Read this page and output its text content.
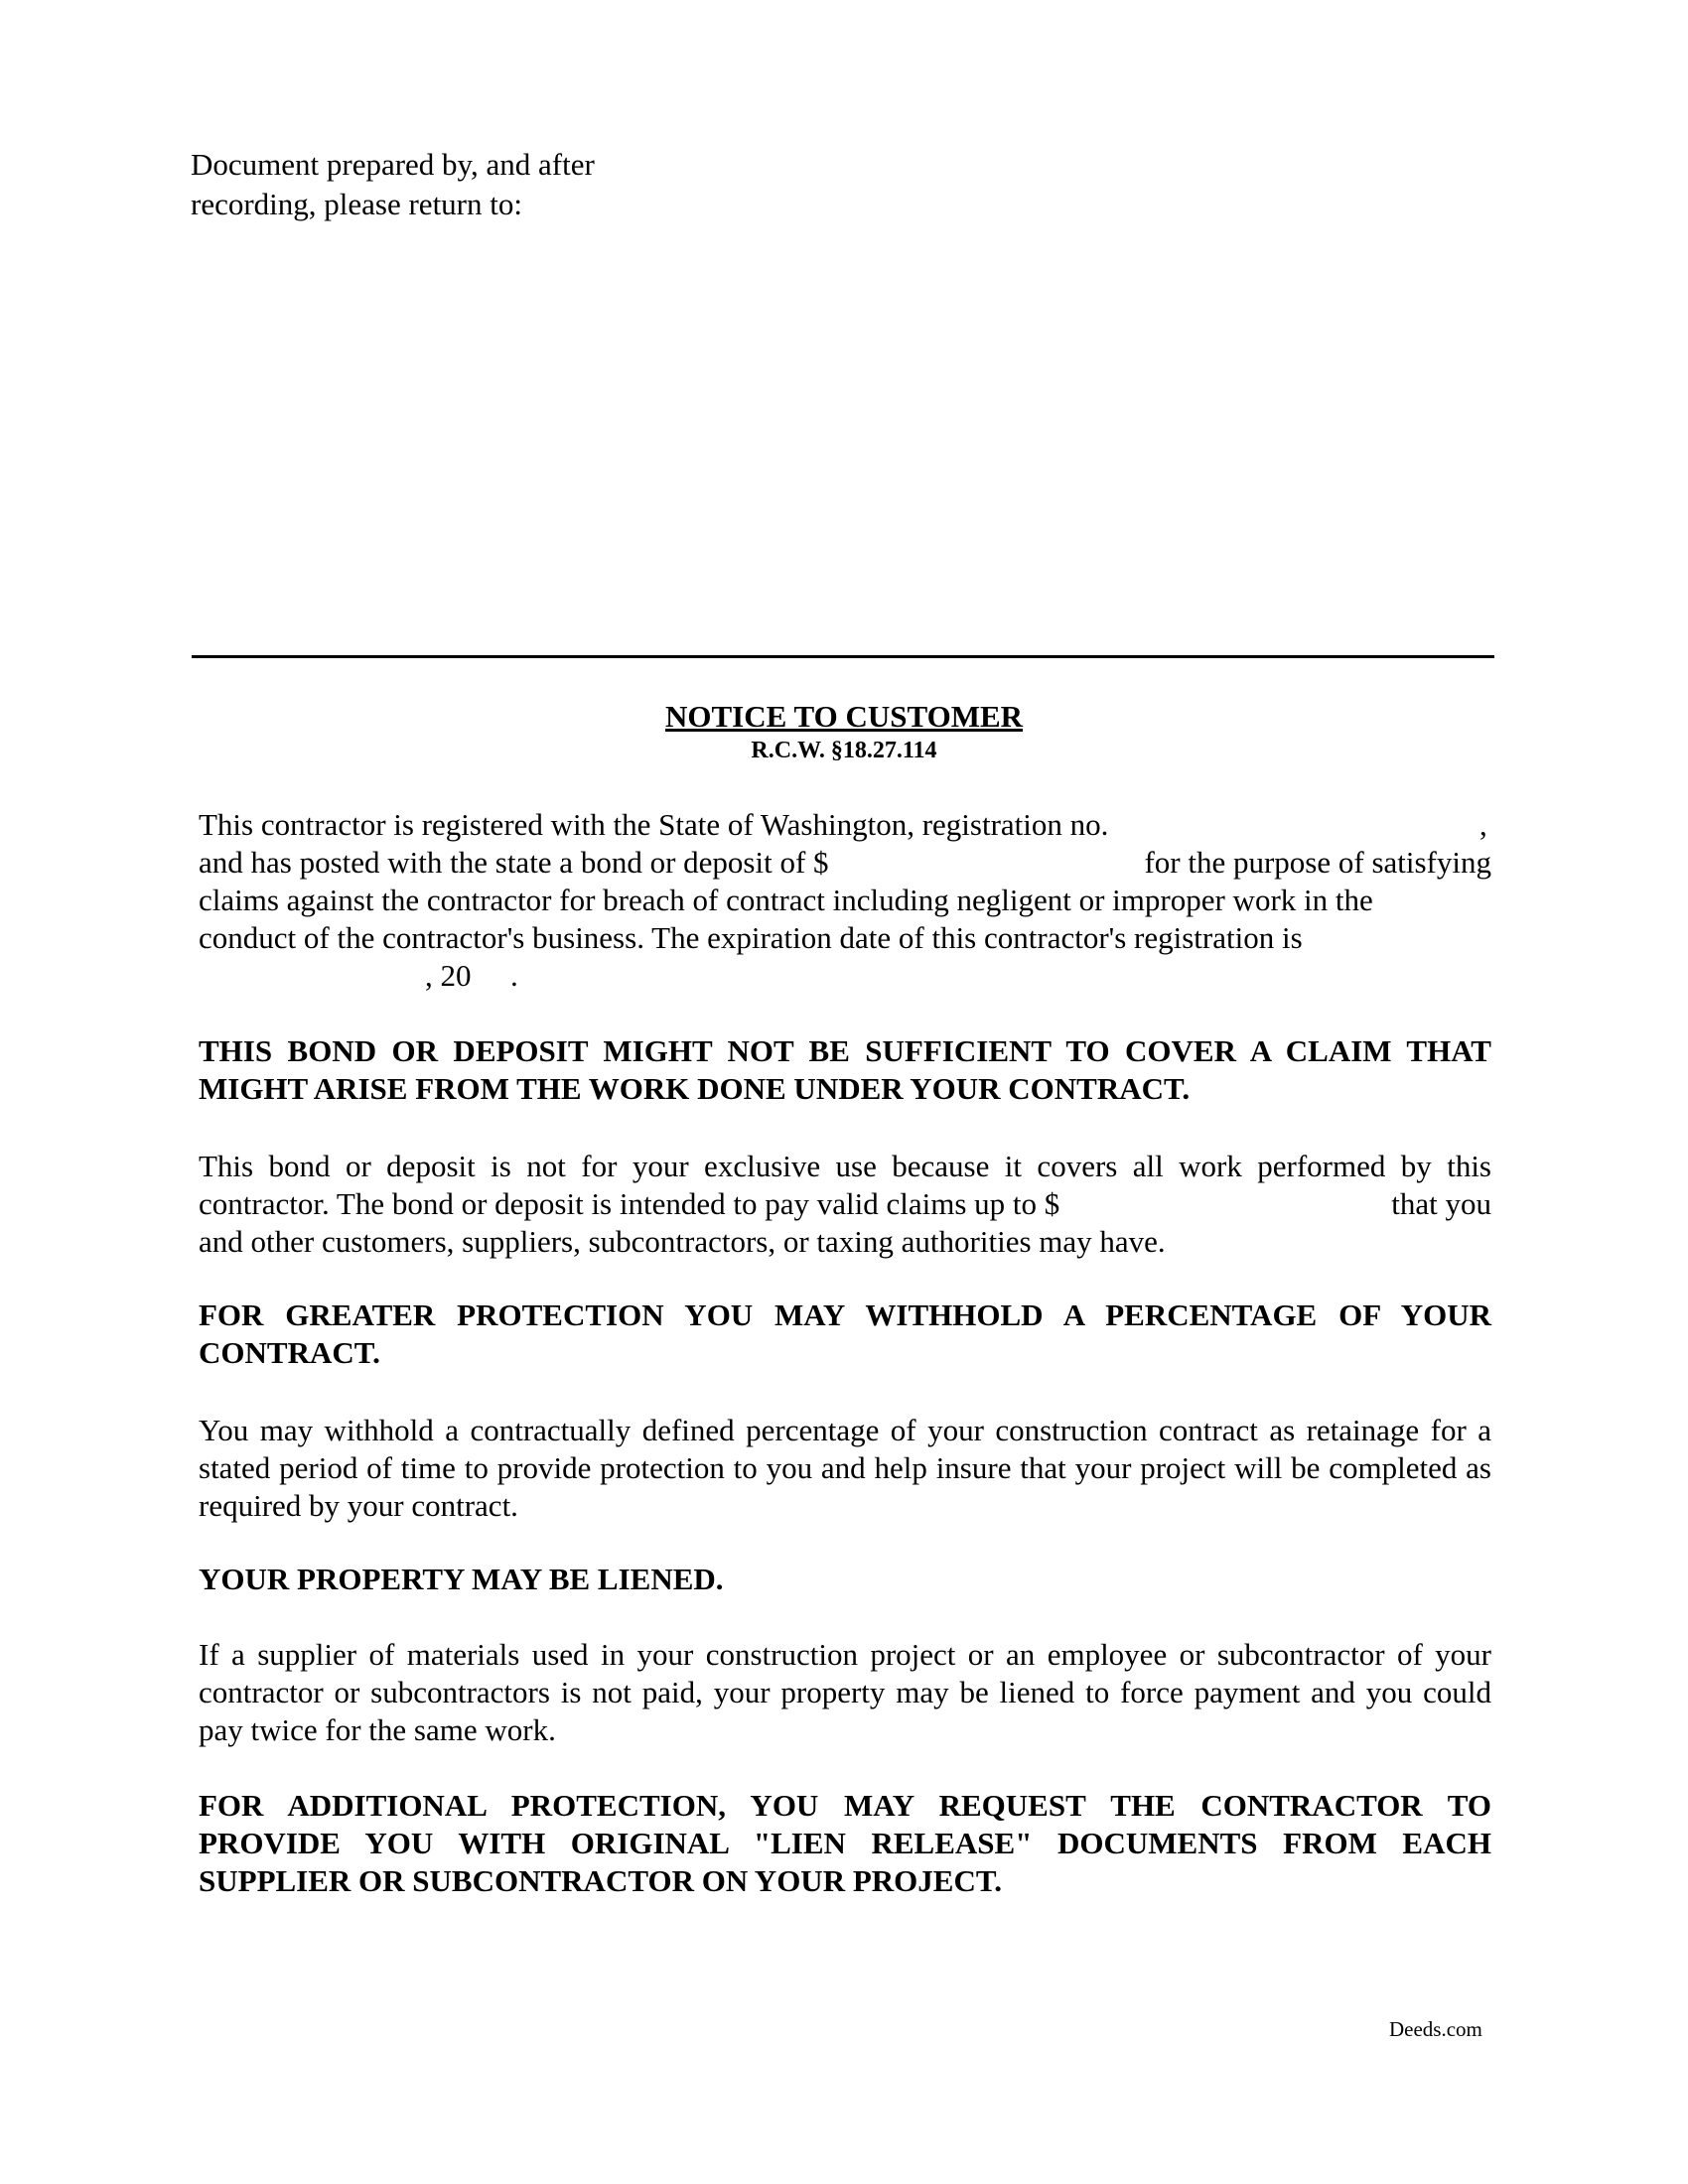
Document prepared by, and after
recording, please return to:
NOTICE TO CUSTOMER
R.C.W. §18.27.114
This contractor is registered with the State of Washington, registration no.	,
and has posted with the state a bond or deposit of $	for the purpose of satisfying
claims against the contractor for breach of contract including negligent or improper work in the
conduct of the contractor's business. The expiration date of this contractor's registration is
, 20 .
THIS BOND OR DEPOSIT MIGHT NOT BE SUFFICIENT TO COVER A CLAIM THAT MIGHT ARISE FROM THE WORK DONE UNDER YOUR CONTRACT.
This bond or deposit is not for your exclusive use because it covers all work performed by this
contractor. The bond or deposit is intended to pay valid claims up to $	that you
and other customers, suppliers, subcontractors, or taxing authorities may have.
FOR GREATER PROTECTION YOU MAY WITHHOLD A PERCENTAGE OF YOUR CONTRACT.
You may withhold a contractually defined percentage of your construction contract as retainage for a stated period of time to provide protection to you and help insure that your project will be completed as required by your contract.
YOUR PROPERTY MAY BE LIENED.
If a supplier of materials used in your construction project or an employee or subcontractor of your contractor or subcontractors is not paid, your property may be liened to force payment and you could pay twice for the same work.
FOR ADDITIONAL PROTECTION, YOU MAY REQUEST THE CONTRACTOR TO PROVIDE YOU WITH ORIGINAL "LIEN RELEASE" DOCUMENTS FROM EACH SUPPLIER OR SUBCONTRACTOR ON YOUR PROJECT.
Deeds.com
